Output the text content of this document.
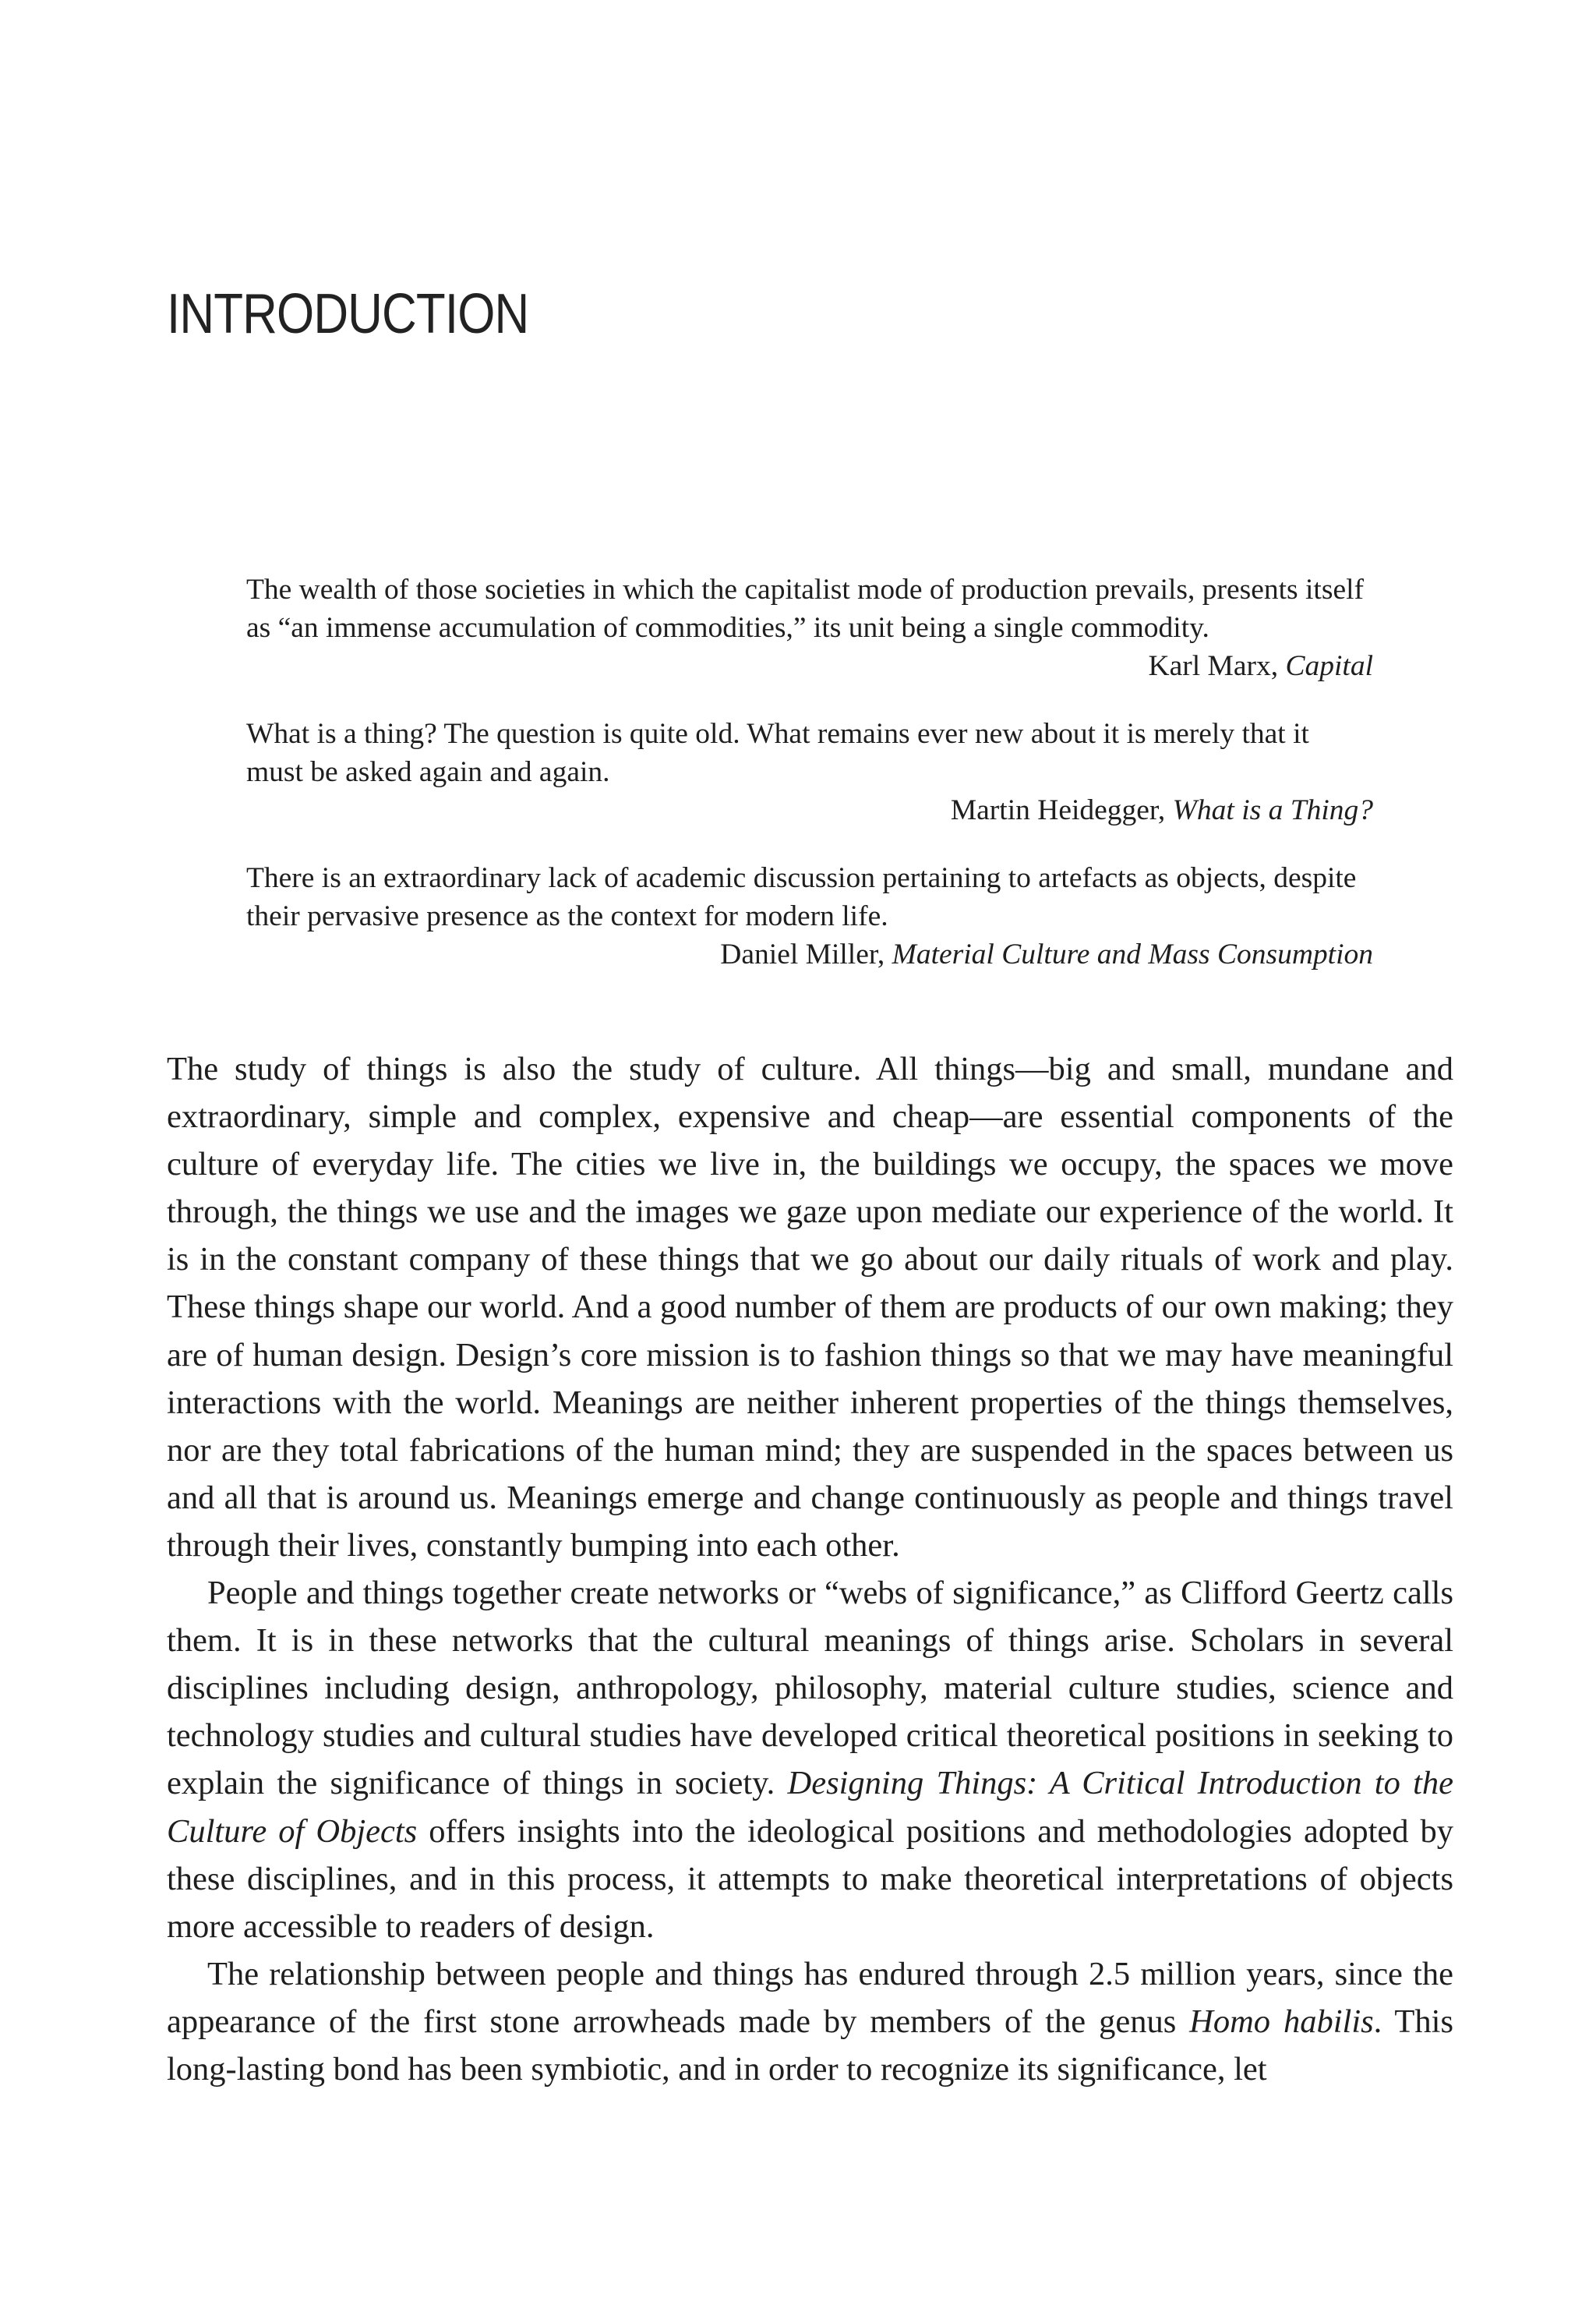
INTRODUCTION

The wealth of those societies in which the capitalist mode of production prevails, presents itself as “an immense accumulation of commodities,” its unit being a single commodity.

Karl Marx, Capital

What is a thing? The question is quite old. What remains ever new about it is merely that it must be asked again and again.

Martin Heidegger, What is a Thing?

There is an extraordinary lack of academic discussion pertaining to artefacts as objects, despite their pervasive presence as the context for modern life.

Daniel Miller, Material Culture and Mass Consumption

The study of things is also the study of culture. All things—big and small, mundane and extraordinary, simple and complex, expensive and cheap—are essential components of the culture of everyday life. The cities we live in, the buildings we occupy, the spaces we move through, the things we use and the images we gaze upon mediate our experience of the world. It is in the constant company of these things that we go about our daily rituals of work and play. These things shape our world. And a good number of them are products of our own making; they are of human design. Design’s core mission is to fashion things so that we may have meaningful interactions with the world. Meanings are neither inherent properties of the things themselves, nor are they total fabrications of the human mind; they are suspended in the spaces between us and all that is around us. Meanings emerge and change continuously as people and things travel through their lives, constantly bumping into each other.

People and things together create networks or “webs of significance,” as Clifford Geertz calls them. It is in these networks that the cultural meanings of things arise. Scholars in several disciplines including design, anthropology, philosophy, material culture studies, science and technology studies and cultural studies have developed critical theoretical positions in seeking to explain the significance of things in society. Designing Things: A Critical Introduction to the Culture of Objects offers insights into the ideological positions and methodologies adopted by these disciplines, and in this process, it attempts to make theoretical interpretations of objects more accessible to readers of design.

The relationship between people and things has endured through 2.5 million years, since the appearance of the first stone arrowheads made by members of the genus Homo habilis. This long-lasting bond has been symbiotic, and in order to recognize its significance, let
